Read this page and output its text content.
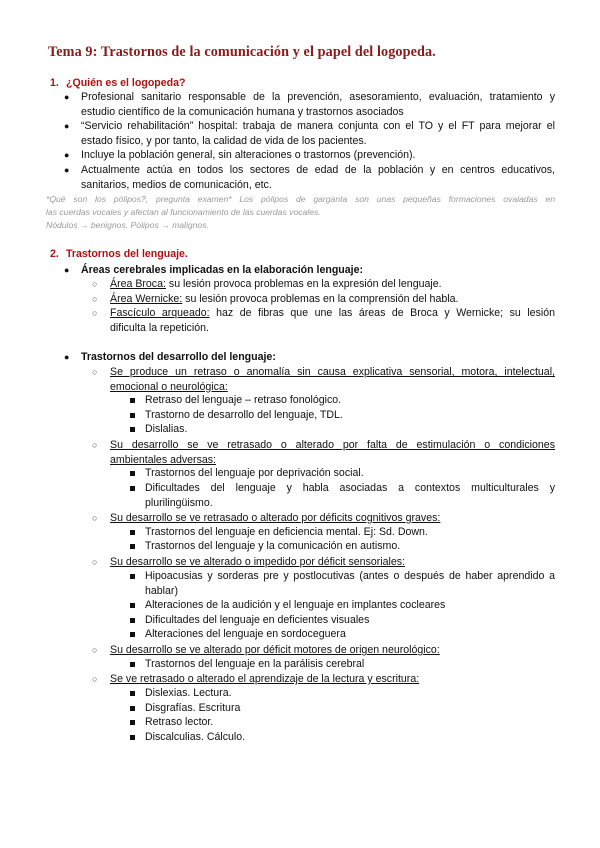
Tema 9: Trastornos de la comunicación y el papel del logopeda.
1. ¿Quién es el logopeda?
● Profesional sanitario responsable de la prevención, asesoramiento, evaluación, tratamiento y
estudio científico de la comunicación humana y trastornos asociados
● “Servicio rehabilitación” hospital: trabaja de manera conjunta con el TO y el FT para mejorar el
estado físico, y por tanto, la calidad de vida de los pacientes.
● Incluye la población general, sin alteraciones o trastornos (prevención).
● Actualmente actúa en todos los sectores de edad de la población y en centros educativos,
sanitarios, medios de comunicación, etc.
*Qué son los pólipos?, pregunta examen* Los pólipos de garganta son unas pequeñas formaciones ovaladas en
las cuerdas vocales y afectan al funcionamiento de las cuerdas vocales.
Nódulos → benignos. Pólipos → malignos.
2. Trastornos del lenguaje.
● Áreas cerebrales implicadas en la elaboración lenguaje:
○ Área Broca: su lesión provoca problemas en la expresión del lenguaje.
○ Área Wernicke: su lesión provoca problemas en la comprensión del habla.
○ Fascículo arqueado: haz de fibras que une las áreas de Broca y Wernicke; su lesión
dificulta la repetición.
● Trastornos del desarrollo del lenguaje:
○ Se produce un retraso o anomalía sin causa explicativa sensorial, motora, intelectual,
emocional o neurológica:
Retraso del lenguaje – retraso fonológico.
Trastorno de desarrollo del lenguaje, TDL.
Dislalias.
○ Su desarrollo se ve retrasado o alterado por falta de estimulación o condiciones
ambientales adversas:
Trastornos del lenguaje por deprivación social.
Dificultades del lenguaje y habla asociadas a contextos multiculturales y
plurilingüismo.
○ Su desarrollo se ve retrasado o alterado por déficits cognitivos graves:
Trastornos del lenguaje en deficiencia mental. Ej: Sd. Down.
Trastornos del lenguaje y la comunicación en autismo.
○ Su desarrollo se ve alterado o impedido por déficit sensoriales:
Hipoacusias y sorderas pre y postlocutivas (antes o después de haber aprendido a
hablar)
Alteraciones de la audición y el lenguaje en implantes cocleares
Dificultades del lenguaje en deficientes visuales
Alteraciones del lenguaje en sordoceguera
○ Su desarrollo se ve alterado por déficit motores de origen neurológico:
Trastornos del lenguaje en la parálisis cerebral
○ Se ve retrasado o alterado el aprendizaje de la lectura y escritura:
Dislexias. Lectura.
Disgrafías. Escritura
Retraso lector.
Discalculias. Cálculo.
